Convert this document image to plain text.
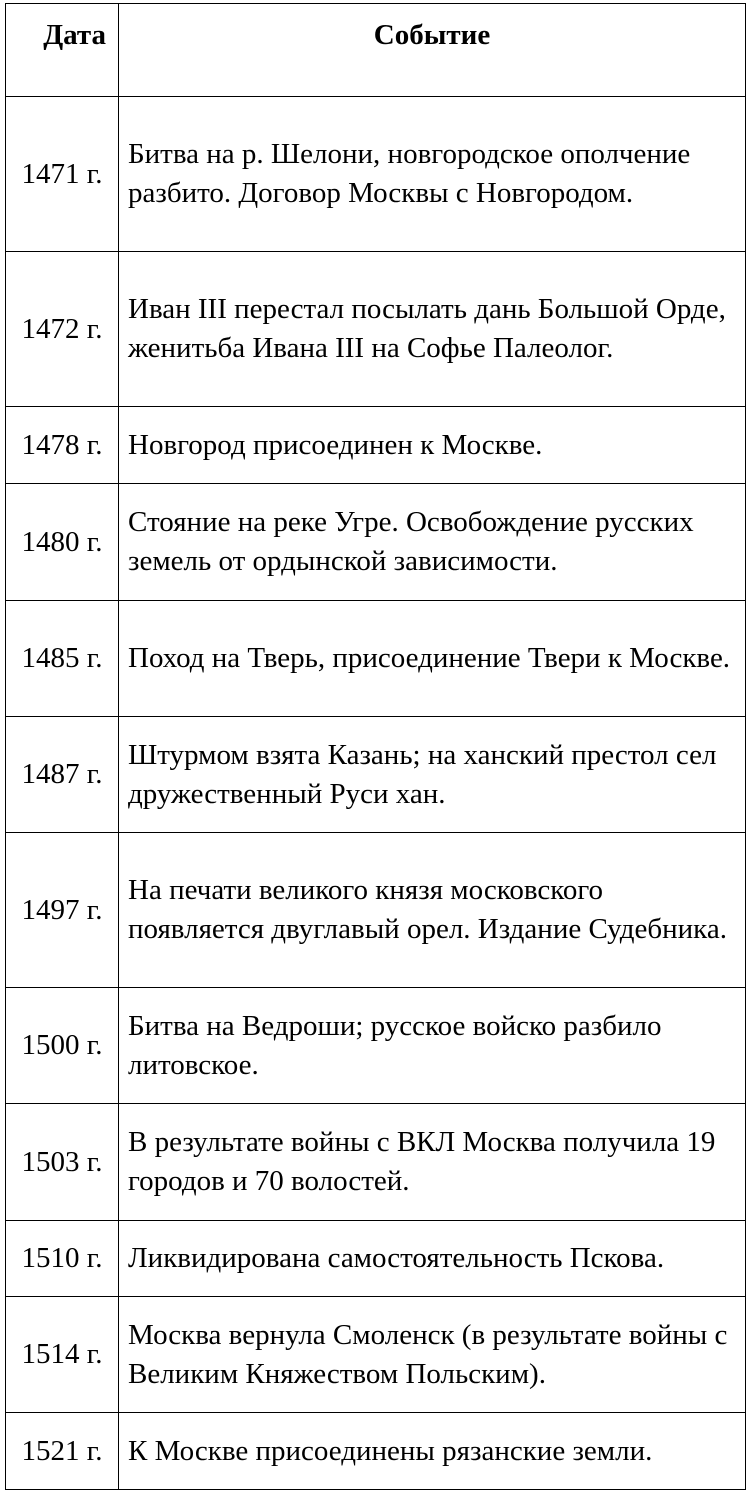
Дата	Событие
1471 г.	Битва на р. Шелони, новгородское ополчение разбито. Договор Москвы с Новгородом.
1472 г.	Иван III перестал посылать дань Большой Орде, женитьба Ивана III на Софье Палеолог.
1478 г.	Новгород присоединен к Москве.
1480 г.	Стояние на реке Угре. Освобождение русских земель от ордынской зависимости.
1485 г.	Поход на Тверь, присоединение Твери к Москве.
1487 г.	Штурмом взята Казань; на ханский престол сел дружественный Руси хан.
1497 г.	На печати великого князя московского появляется двуглавый орел. Издание Судебника.
1500 г.	Битва на Ведроши; русское войско разбило литовское.
1503 г.	В результате войны с ВКЛ Москва получила 19 городов и 70 волостей.
1510 г.	Ликвидирована самостоятельность Пскова.
1514 г.	Москва вернула Смоленск (в результате войны с Великим Княжеством Польским).
1521 г.	К Москве присоединены рязанские земли.
